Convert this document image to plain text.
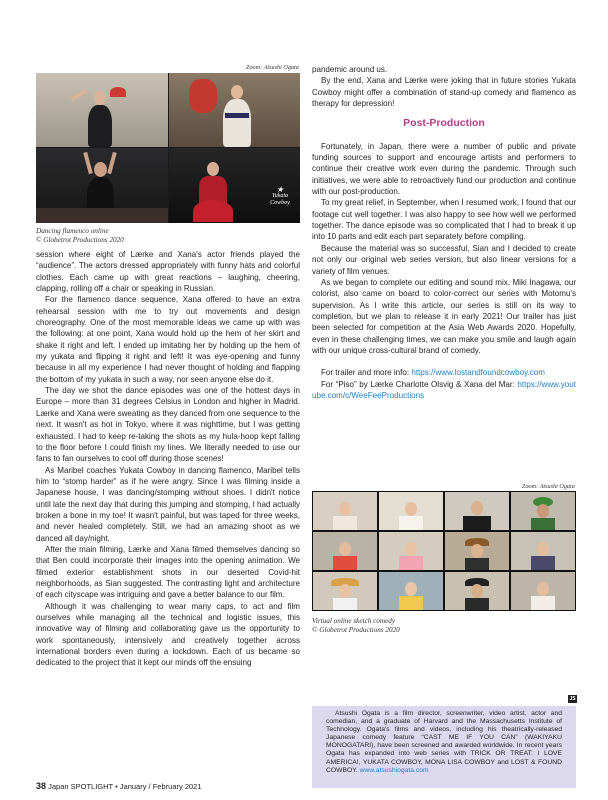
Zoom: Atsushi Ogata
★
Yukata Cowboy
Dancing flamenco online
© Globetrot Productions 2020

session where eight of Lærke and Xana's actor friends played the “audience”. The actors dressed appropriately with funny hats and colorful clothes. Each came up with great reactions – laughing, cheering, clapping, rolling off a chair or speaking in Russian.

For the flamenco dance sequence, Xana offered to have an extra rehearsal session with me to try out movements and design choreography. One of the most memorable ideas we came up with was the following: at one point, Xana would hold up the hem of her skirt and shake it right and left. I ended up imitating her by holding up the hem of my yukata and flipping it right and left! It was eye-opening and funny because in all my experience I had never thought of holding and flapping the bottom of my yukata in such a way, nor seen anyone else do it.

The day we shot the dance episodes was one of the hottest days in Europe – more than 31 degrees Celsius in London and higher in Madrid. Lærke and Xana were sweating as they danced from one sequence to the next. It wasn't as hot in Tokyo, where it was nighttime, but I was getting exhausted. I had to keep re-taking the shots as my hula-hoop kept falling to the floor before I could finish my lines. We literally needed to use our fans to fan ourselves to cool off during those scenes!

As Maribel coaches Yukata Cowboy in dancing flamenco, Maribel tells him to “stomp harder” as if he were angry. Since I was filming inside a Japanese house, I was dancing/stomping without shoes. I didn't notice until late the next day that during this jumping and stomping, I had actually broken a bone in my toe! It wasn't painful, but was taped for three weeks, and never healed completely. Still, we had an amazing shoot as we danced all day/night.

After the main filming, Lærke and Xana filmed themselves dancing so that Ben could incorporate their images into the opening animation. We filmed exterior establishment shots in our deserted Covid-hit neighborhoods, as Sian suggested. The contrasting light and architecture of each cityscape was intriguing and gave a better balance to our film.

Although it was challenging to wear many caps, to act and film ourselves while managing all the technical and logistic issues, this innovative way of filming and collaborating gave us the opportunity to work spontaneously, intensively and creatively together across international borders even during a lockdown. Each of us became so dedicated to the project that it kept our minds off the ensuing

pandemic around us.

By the end, Xana and Lærke were joking that in future stories Yukata Cowboy might offer a combination of stand-up comedy and flamenco as therapy for depression!

Post-Production

Fortunately, in Japan, there were a number of public and private funding sources to support and encourage artists and performers to continue their creative work even during the pandemic. Through such initiatives, we were able to retroactively fund our production and continue with our post-production.

To my great relief, in September, when I resumed work, I found that our footage cut well together. I was also happy to see how well we performed together. The dance episode was so complicated that I had to break it up into 10 parts and edit each part separately before compiling.

Because the material was so successful, Sian and I decided to create not only our original web series version, but also linear versions for a variety of film venues.

As we began to complete our editing and sound mix, Miki Inagawa, our colorist, also came on board to color-correct our series with Motomu's supervision. As I write this article, our series is still on its way to completion, but we plan to release it in early 2021! Our trailer has just been selected for competition at the Asia Web Awards 2020. Hopefully, even in these challenging times, we can make you smile and laugh again with our unique cross-cultural brand of comedy.

For trailer and more info: https://www.lostandfoundcowboy.com

For “Piso” by Lærke Charlotte Olsvig & Xana del Mar: https://www.youtube.com/c/WeeFeeProductions

Zoom: Atsushi Ogata
Virtual online sketch comedy
© Globetrot Productions 2020
JS

Atsushi Ogata is a film director, screenwriter, video artist, actor and comedian, and a graduate of Harvard and the Massachusetts Institute of Technology. Ogata's films and videos, including his theatrically-released Japanese comedy feature “CAST ME IF YOU CAN” (WAKIYAKU MONOGATARI), have been screened and awarded worldwide. In recent years Ogata has expanded into web series with TRICK OR TREAT: I LOVE AMERICA!, YUKATA COWBOY, MONA LISA COWBOY and LOST & FOUND COWBOY. www.atsushiogata.com

38 Japan SPOTLIGHT • January / February 2021
